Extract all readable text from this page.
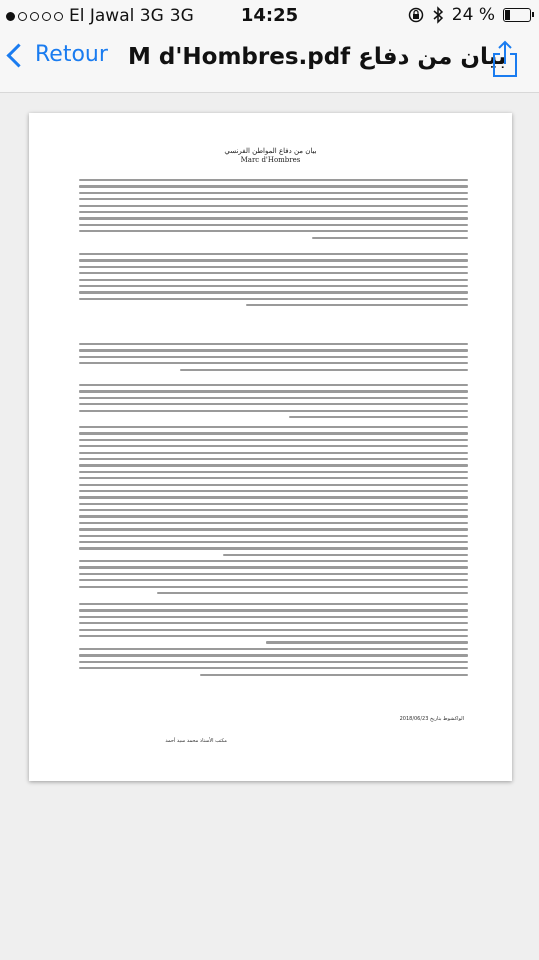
El Jawal 3G 3G	14:25	24 %
Retour بيان من دفاع M d'Hombres.pdf
بيان من دفاع المواطن الفرنسي
Marc d'Hombres
الواكشوط بتاريخ 2018/06/23
مكتب الأستاذ محمد سيد أحمد
